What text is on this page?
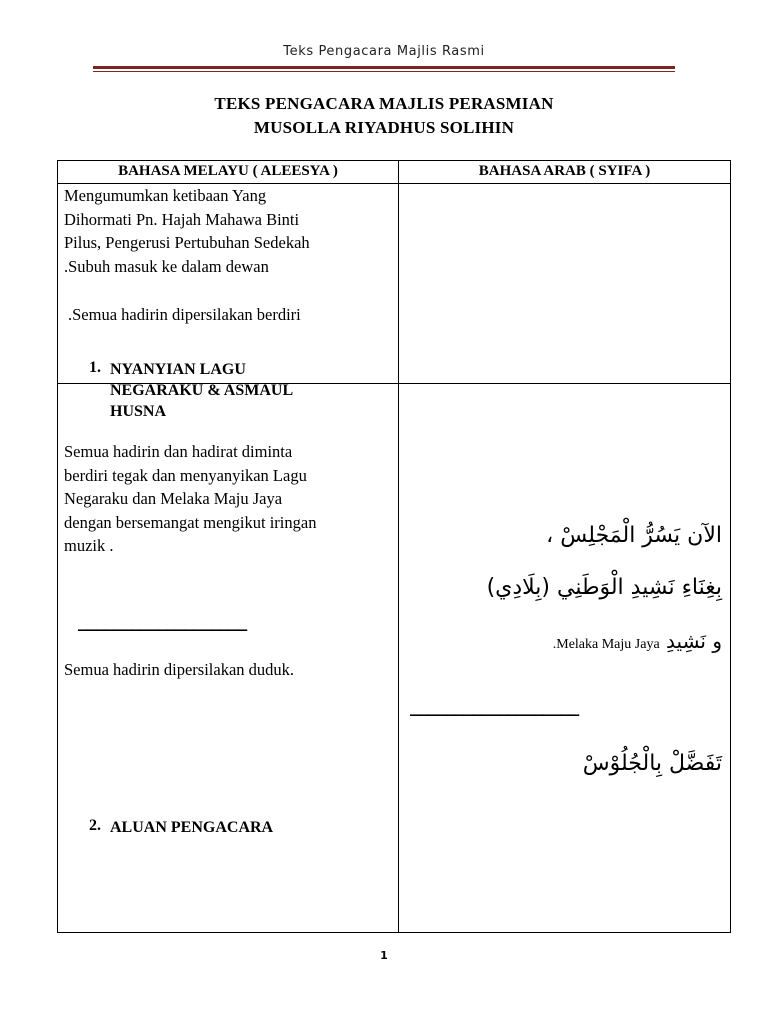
Teks Pengacara Majlis Rasmi
TEKS PENGACARA MAJLIS PERASMIAN
MUSOLLA RIYADHUS SOLIHIN
BAHASA MELAYU ( ALEESYA )	BAHASA ARAB ( SYIFA )
Mengumumkan ketibaan Yang
Dihormati Pn. Hajah Mahawa Binti
Pilus, Pengerusi Pertubuhan Sedekah
.Subuh masuk ke dalam dewan
.Semua hadirin dipersilakan berdiri
1. NYANYIAN LAGU
NEGARAKU & ASMAUL
HUSNA
Semua hadirin dan hadirat diminta
berdiri tegak dan menyanyikan Lagu
Negaraku dan Melaka Maju Jaya
dengan bersemangat mengikut iringan
muzik .
___________________
Semua hadirin dipersilakan duduk.
2. ALUAN PENGACARA
الآن يَسُرُّ الْمَجْلِسْ ،
بِغِنَاءِ نَشِيدِ الْوَطَنِي (بِلَادِي)
و نَشِيدِ Melaka Maju Jaya.
___________________
تَفَضَّلْ بِالْجُلُوْسْ
1
